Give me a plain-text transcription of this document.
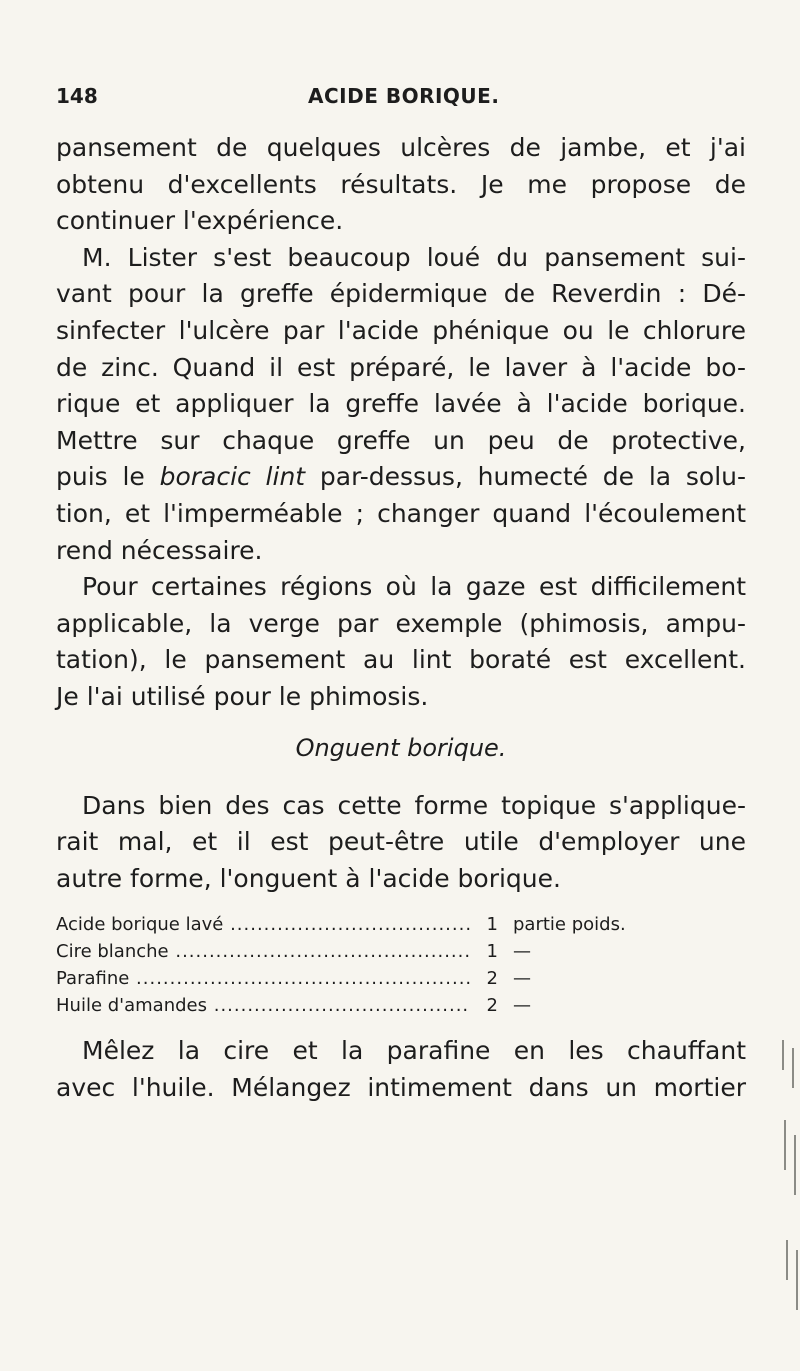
148	ACIDE BORIQUE.
pansement de quelques ulcères de jambe, et j'ai
obtenu d'excellents résultats. Je me propose de
continuer l'expérience.
M. Lister s'est beaucoup loué du pansement sui-
vant pour la greffe épidermique de Reverdin : Dé-
sinfecter l'ulcère par l'acide phénique ou le chlorure
de zinc. Quand il est préparé, le laver à l'acide bo-
rique et appliquer la greffe lavée à l'acide borique.
Mettre sur chaque greffe un peu de protective,
puis le boracic lint par-dessus, humecté de la solu-
tion, et l'imperméable ; changer quand l'écoulement
rend nécessaire.
Pour certaines régions où la gaze est difficilement
applicable, la verge par exemple (phimosis, ampu-
tation), le pansement au lint boraté est excellent.
Je l'ai utilisé pour le phimosis.
Onguent borique.
Dans bien des cas cette forme topique s'applique-
rait mal, et il est peut-être utile d'employer une
autre forme, l'onguent à l'acide borique.
Acide borique lavé .....	1 partie poids.
Cire blanche .....	1 —
Parafine .....	2 —
Huile d'amandes .....	2 —
Mêlez la cire et la parafine en les chauffant
avec l'huile. Mélangez intimement dans un mortier
